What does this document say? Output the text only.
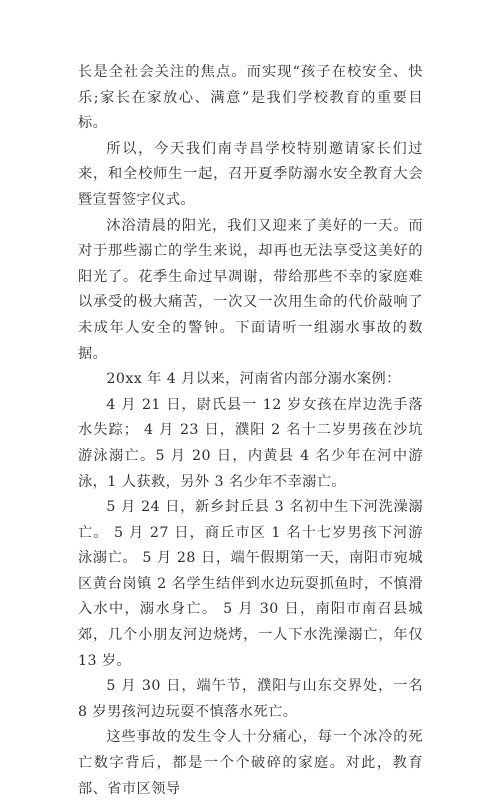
长是全社会关注的焦点。而实现“孩子在校安全、快乐;家长在家放心、满意”是我们学校教育的重要目标。

所以，今天我们南寺昌学校特别邀请家长们过来，和全校师生一起，召开夏季防溺水安全教育大会暨宣誓签字仪式。

沐浴清晨的阳光，我们又迎来了美好的一天。而对于那些溺亡的学生来说，却再也无法享受这美好的阳光了。花季生命过早凋谢，带给那些不幸的家庭难以承受的极大痛苦，一次又一次用生命的代价敲响了未成年人安全的警钟。下面请听一组溺水事故的数据。

20xx 年 4 月以来，河南省内部分溺水案例：

4 月 21 日，尉氏县一 12 岁女孩在岸边洗手落水失踪； 4 月 23 日，濮阳 2 名十二岁男孩在沙坑游泳溺亡。5 月 20 日，内黄县 4 名少年在河中游泳，1 人获救，另外 3 名少年不幸溺亡。

5 月 24 日，新乡封丘县 3 名初中生下河洗澡溺亡。 5 月 27 日，商丘市区 1 名十七岁男孩下河游泳溺亡。 5 月 28 日，端午假期第一天，南阳市宛城区黄台岗镇 2 名学生结伴到水边玩耍抓鱼时，不慎滑入水中，溺水身亡。 5 月 30 日，南阳市南召县城郊，几个小朋友河边烧烤，一人下水洗澡溺亡，年仅 13 岁。

5 月 30 日，端午节，濮阳与山东交界处，一名 8 岁男孩河边玩耍不慎落水死亡。

这些事故的发生令人十分痛心，每一个冰冷的死亡数字背后，都是一个个破碎的家庭。对此，教育部、省市区领导
